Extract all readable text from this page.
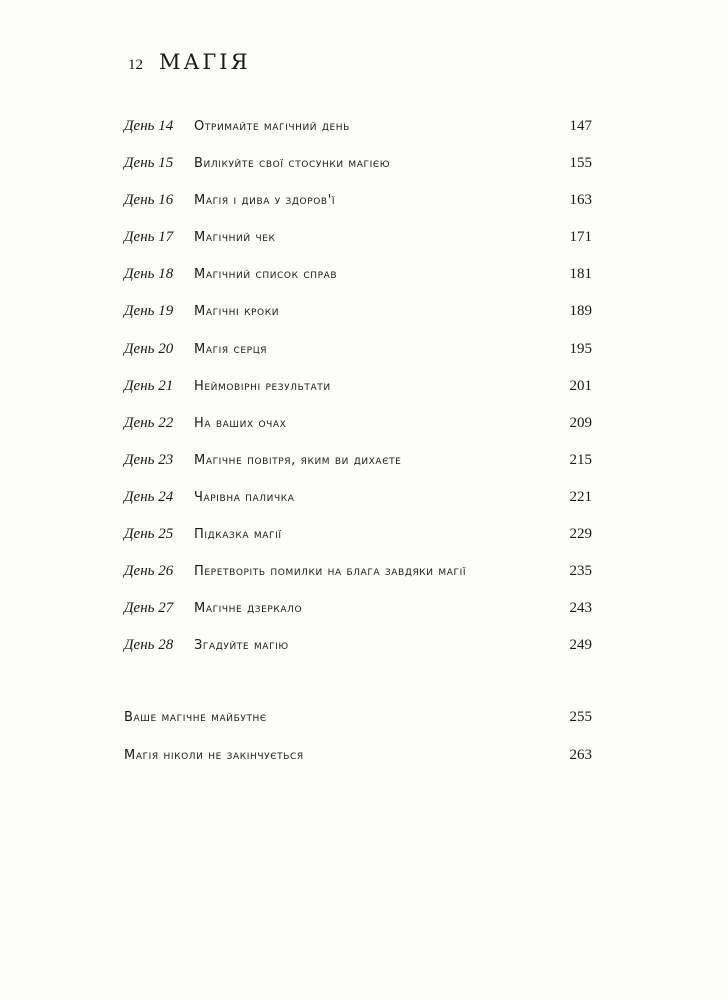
12 МАГІЯ
День 14	Отримайте магічний день	147
День 15	Вилікуйте свої стосунки магією	155
День 16	Магія і дива у здоров'ї	163
День 17	Магічний чек	171
День 18	Магічний список справ	181
День 19	Магічні кроки	189
День 20	Магія серця	195
День 21	Неймовірні результати	201
День 22	На ваших очах	209
День 23	Магічне повітря, яким ви дихаєте	215
День 24	Чарівна паличка	221
День 25	Підказка магії	229
День 26	Перетворіть помилки на блага завдяки магії	235
День 27	Магічне дзеркало	243
День 28	Згадуйте магію	249
Ваше магічне майбутнє	255
Магія ніколи не закінчується	263
